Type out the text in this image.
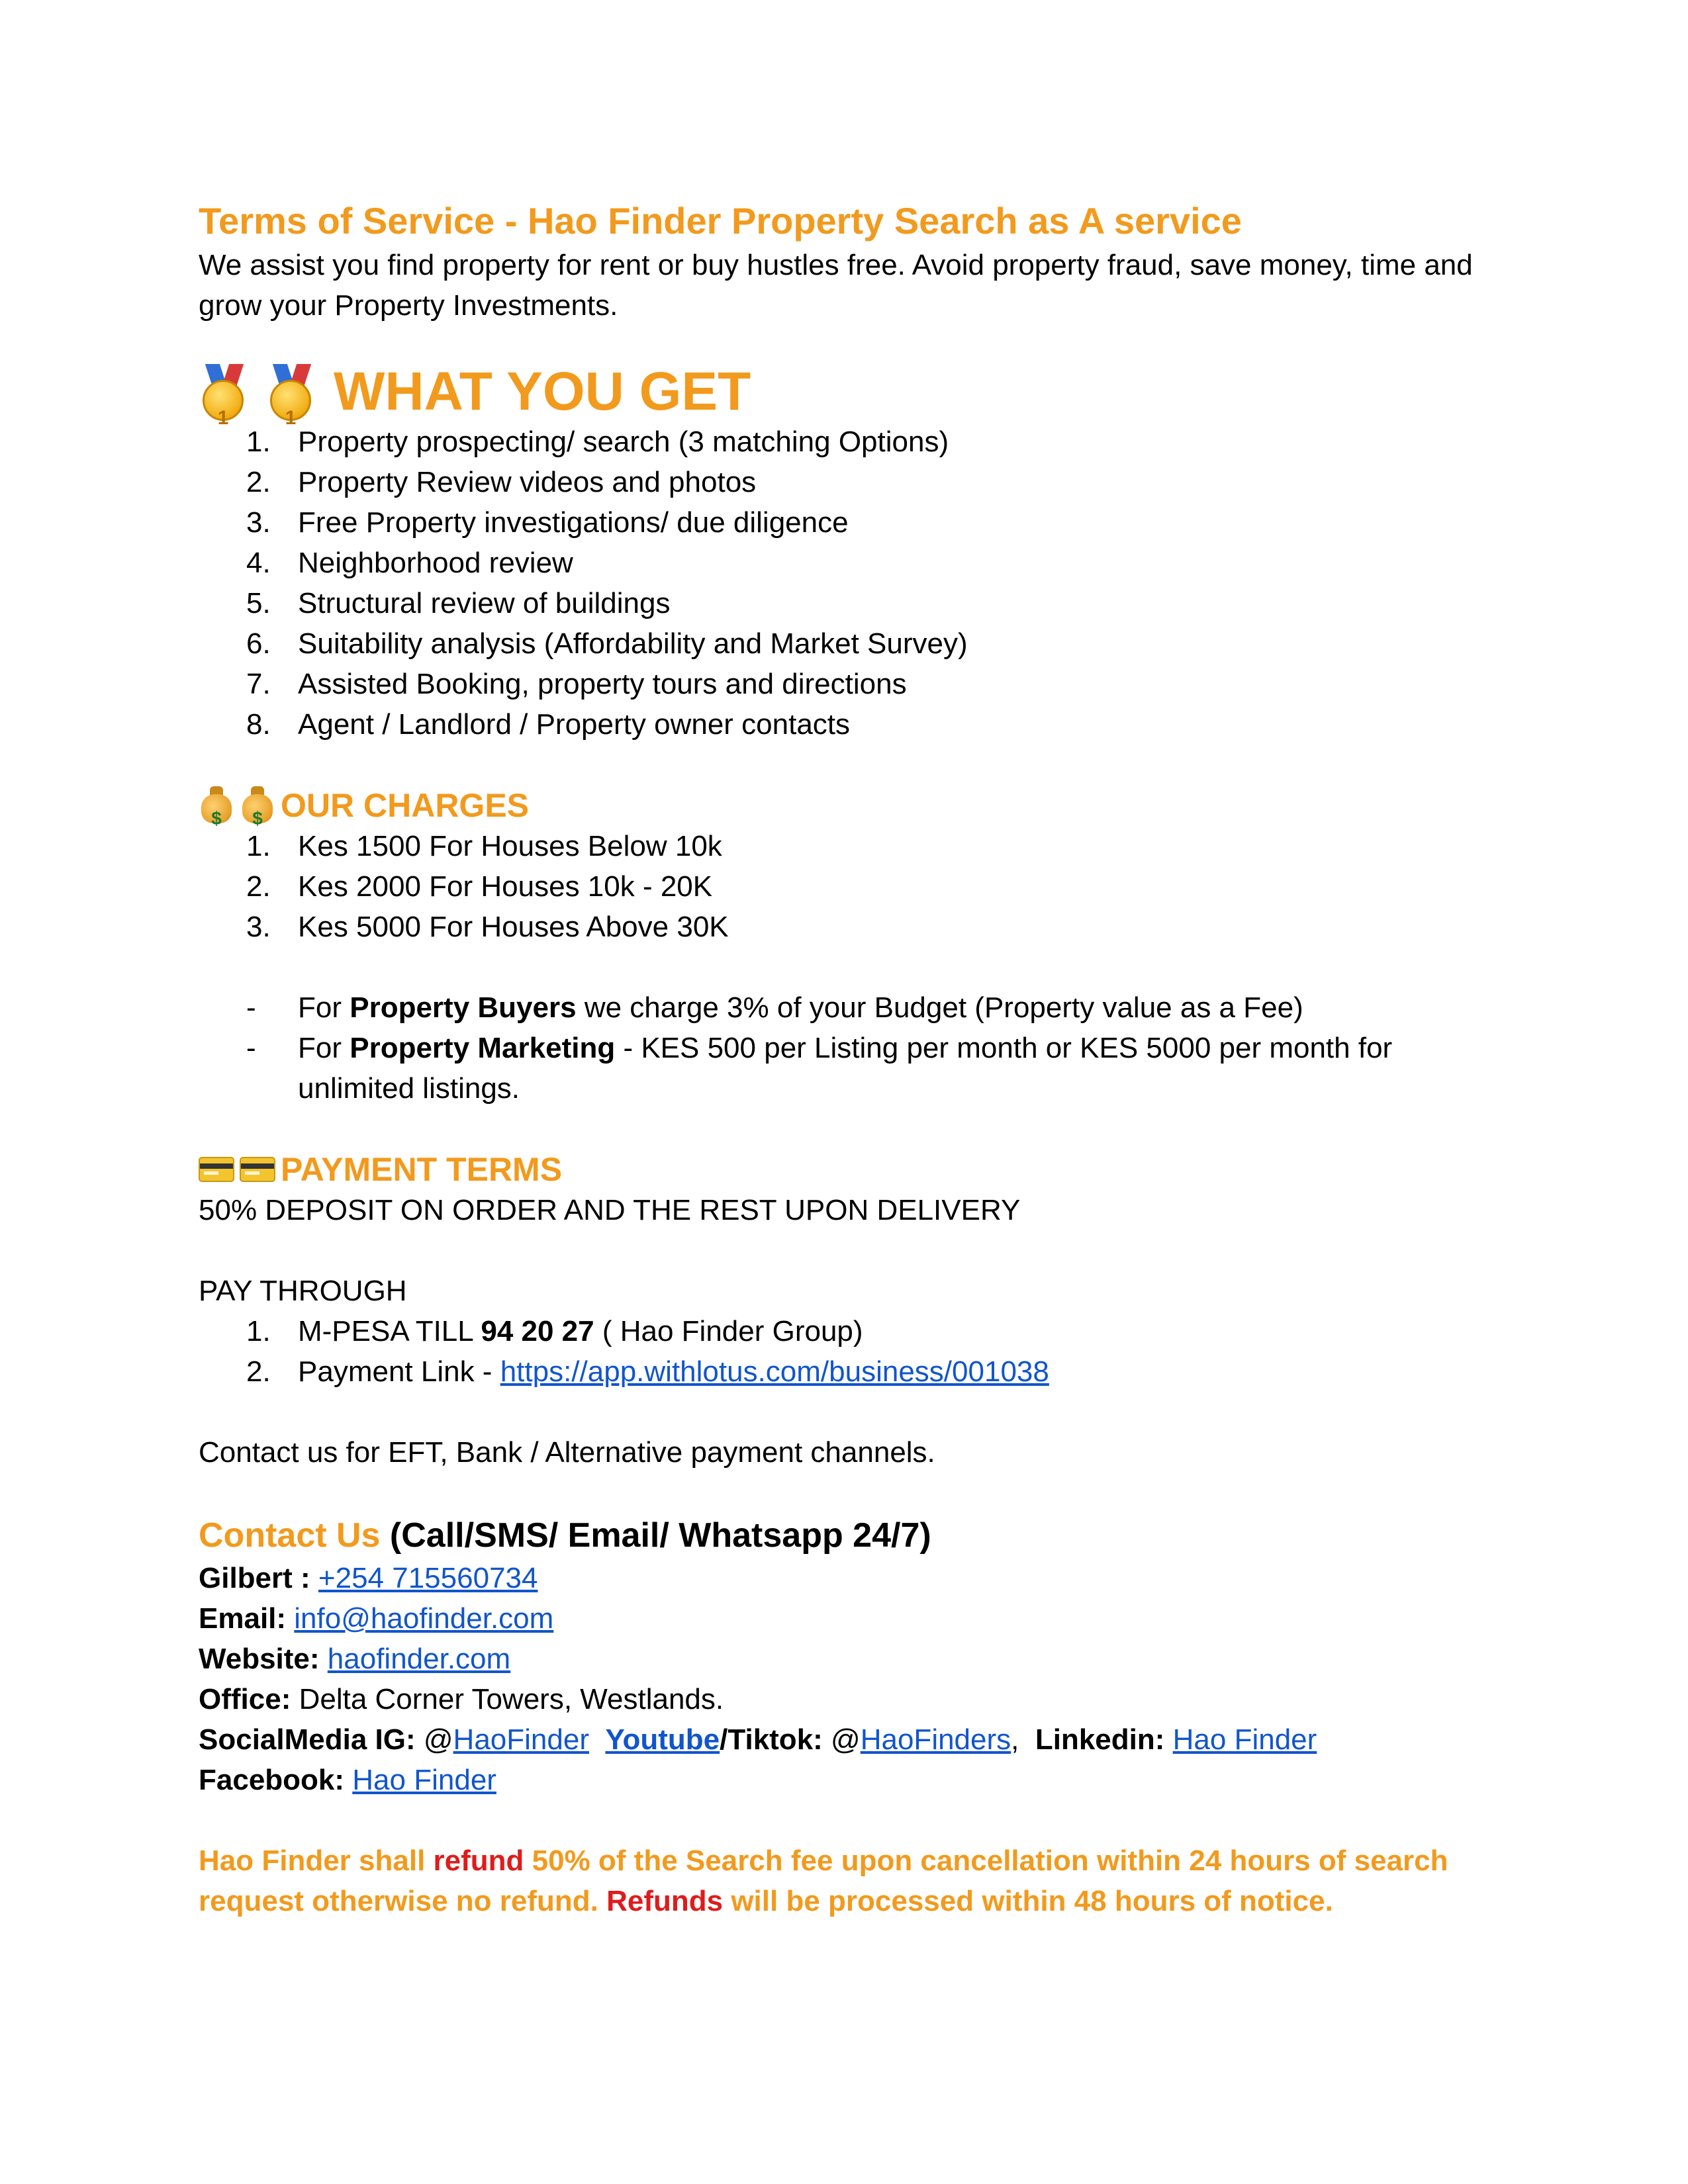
Terms of Service - Hao Finder Property Search as A service

We assist you find property for rent or buy hustles free. Avoid property fraud, save money, time and grow your Property Investments.

1	1 WHAT YOU GET
1. Property prospecting/ search (3 matching Options)
2. Property Review videos and photos
3. Free Property investigations/ due diligence
4. Neighborhood review
5. Structural review of buildings
6. Suitability analysis (Affordability and Market Survey)
7. Assisted Booking, property tours and directions
8. Agent / Landlord / Property owner contacts
$	$ OUR CHARGES
1. Kes 1500 For Houses Below 10k
2. Kes 2000 For Houses 10k - 20K
3. Kes 5000 For Houses Above 30K
- For Property Buyers we charge 3% of your Budget (Property value as a Fee)
- For Property Marketing - KES 500 per Listing per month or KES 5000 per month for unlimited listings.
PAYMENT TERMS

50% DEPOSIT ON ORDER AND THE REST UPON DELIVERY

PAY THROUGH

1. M-PESA TILL 94 20 27 ( Hao Finder Group)
2. Payment Link - https://app.withlotus.com/business/001038

Contact us for EFT, Bank / Alternative payment channels.

Contact Us (Call/SMS/ Email/ Whatsapp 24/7)

Gilbert : +254 715560734

Email: info@haofinder.com

Website: haofinder.com

Office: Delta Corner Towers, Westlands.

SocialMedia IG: @HaoFinder Youtube/Tiktok: @HaoFinders, Linkedin: Hao Finder

Facebook: Hao Finder

Hao Finder shall refund 50% of the Search fee upon cancellation within 24 hours of search request otherwise no refund. Refunds will be processed within 48 hours of notice.
